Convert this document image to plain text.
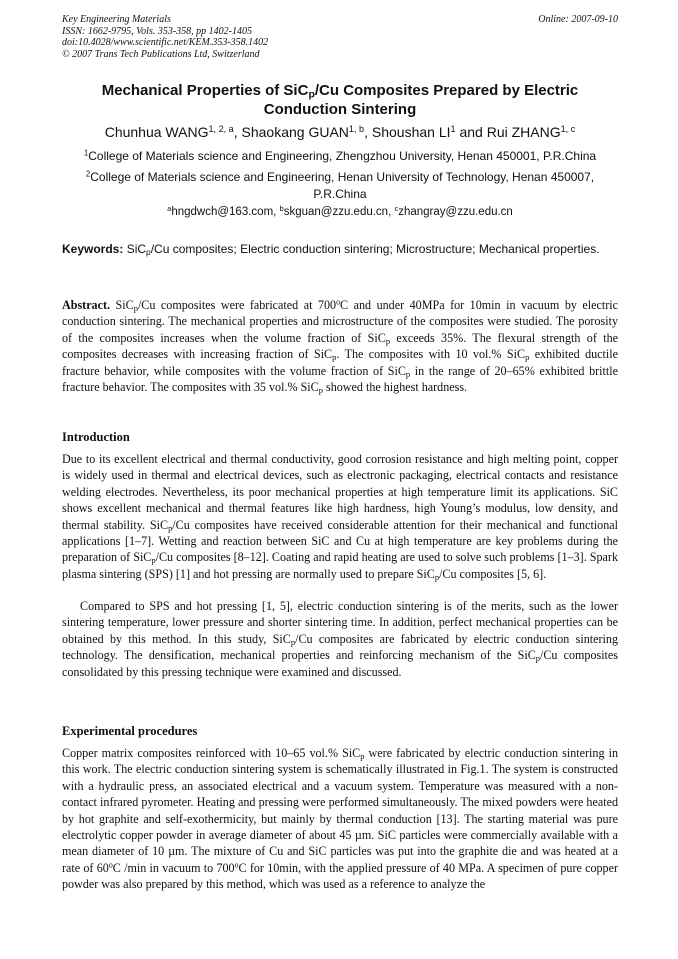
Key Engineering Materials
ISSN: 1662-9795, Vols. 353-358, pp 1402-1405
doi:10.4028/www.scientific.net/KEM.353-358.1402
© 2007 Trans Tech Publications Ltd, Switzerland
Online: 2007-09-10
Mechanical Properties of SiC$_p$/Cu Composites Prepared by Electric Conduction Sintering
Chunhua WANG$^{1, 2, a}$, Shaokang GUAN$^{1, b}$, Shoushan $LI^1$ and Rui ZHANG$^{1, c}$
$^1$College of Materials science and Engineering, Zhengzhou University, Henan 450001, P.R.China
$^2$College of Materials science and Engineering, Henan University of Technology, Henan 450007, P.R.China
$^a$hngdwch@163.com, $^b$skguan@zzu.edu.cn, $^c$zhangray@zzu.edu.cn
Keywords: SiC$_p$/Cu composites; Electric conduction sintering; Microstructure; Mechanical properties.
Abstract. SiC$_p$/Cu composites were fabricated at 700$^o$C and under 40MPa for 10min in vacuum by electric conduction sintering. The mechanical properties and microstructure of the composites were studied. The porosity of the composites increases when the volume fraction of SiC$_p$ exceeds 35%. The flexural strength of the composites decreases with increasing fraction of SiC$_p$. The composites with 10 vol.% SiC$_p$ exhibited ductile fracture behavior, while composites with the volume fraction of SiC$_p$ in the range of 20–65% exhibited brittle fracture behavior. The composites with 35 vol.% SiC$_p$ showed the highest hardness.
Introduction
Due to its excellent electrical and thermal conductivity, good corrosion resistance and high melting point, copper is widely used in thermal and electrical devices, such as electronic packaging, electrical contacts and resistance welding electrodes. Nevertheless, its poor mechanical properties at high temperature limit its applications. SiC shows excellent mechanical and thermal features like high hardness, high Young’s modulus, low density, and thermal stability. SiC$_p$/Cu composites have received considerable attention for their mechanical and functional applications [1–7]. Wetting and reaction between SiC and Cu at high temperature are key problems during the preparation of SiC$_p$/Cu composites [8–12]. Coating and rapid heating are used to solve such problems [1–3]. Spark plasma sintering (SPS) [1] and hot pressing are normally used to prepare SiC$_p$/Cu composites [5, 6].
Compared to SPS and hot pressing [1, 5], electric conduction sintering is of the merits, such as the lower sintering temperature, lower pressure and shorter sintering time. In addition, perfect mechanical properties can be obtained by this method. In this study, SiC$_p$/Cu composites are fabricated by electric conduction sintering technology. The densification, mechanical properties and reinforcing mechanism of the SiC$_p$/Cu composites consolidated by this pressing technique were examined and discussed.
Experimental procedures
Copper matrix composites reinforced with 10–65 vol.% SiC$_p$ were fabricated by electric conduction sintering in this work. The electric conduction sintering system is schematically illustrated in Fig.1. The system is constructed with a hydraulic press, an associated electrical and a vacuum system. Temperature was measured with a non-contact infrared pyrometer. Heating and pressing were performed simultaneously. The mixed powders were heated by hot graphite and self-exothermicity, but mainly by thermal conduction [13]. The starting material was pure electrolytic copper powder in average diameter of about 45 µm. SiC particles were commercially available with a mean diameter of 10 µm. The mixture of Cu and SiC particles was put into the graphite die and was heated at a rate of 60$^o$C /min in vacuum to 700$^o$C for 10min, with the applied pressure of 40 MPa. A specimen of pure copper powder was also prepared by this method, which was used as a reference to analyze the
